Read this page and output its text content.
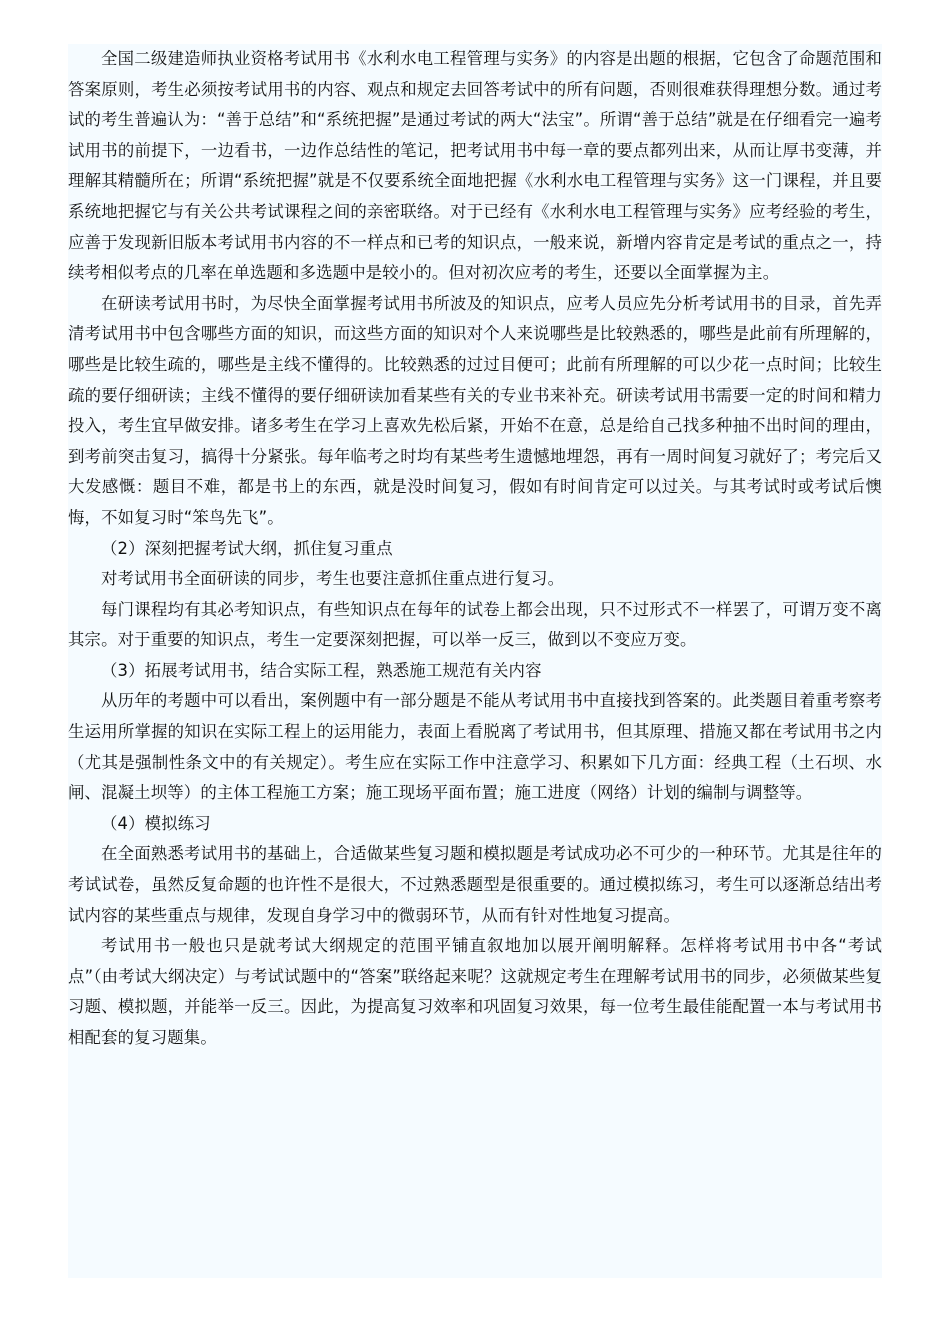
全国二级建造师执业资格考试用书《水利水电工程管理与实务》的内容是出题的根据，它包含了命题范围和答案原则，考生必须按考试用书的内容、观点和规定去回答考试中的所有问题，否则很难获得理想分数。通过考试的考生普遍认为：“善于总结”和“系统把握”是通过考试的两大“法宝”。所谓“善于总结”就是在仔细看完一遍考试用书的前提下，一边看书，一边作总结性的笔记，把考试用书中每一章的要点都列出来，从而让厚书变薄，并理解其精髓所在；所谓“系统把握”就是不仅要系统全面地把握《水利水电工程管理与实务》这一门课程，并且要系统地把握它与有关公共考试课程之间的亲密联络。对于已经有《水利水电工程管理与实务》应考经验的考生，应善于发现新旧版本考试用书内容的不一样点和已考的知识点，一般来说，新增内容肯定是考试的重点之一，持续考相似考点的几率在单选题和多选题中是较小的。但对初次应考的考生，还要以全面掌握为主。

在研读考试用书时，为尽快全面掌握考试用书所波及的知识点，应考人员应先分析考试用书的目录，首先弄清考试用书中包含哪些方面的知识，而这些方面的知识对个人来说哪些是比较熟悉的，哪些是此前有所理解的，哪些是比较生疏的，哪些是主线不懂得的。比较熟悉的过过目便可；此前有所理解的可以少花一点时间；比较生疏的要仔细研读；主线不懂得的要仔细研读加看某些有关的专业书来补充。研读考试用书需要一定的时间和精力投入，考生宜早做安排。诸多考生在学习上喜欢先松后紧，开始不在意，总是给自己找多种抽不出时间的理由，到考前突击复习，搞得十分紧张。每年临考之时均有某些考生遗憾地埋怨，再有一周时间复习就好了；考完后又大发感慨：题目不难，都是书上的东西，就是没时间复习，假如有时间肯定可以过关。与其考试时或考试后懊悔，不如复习时“笨鸟先飞”。

（2）深刻把握考试大纲，抓住复习重点

对考试用书全面研读的同步，考生也要注意抓住重点进行复习。

每门课程均有其必考知识点，有些知识点在每年的试卷上都会出现，只不过形式不一样罢了，可谓万变不离其宗。对于重要的知识点，考生一定要深刻把握，可以举一反三，做到以不变应万变。

（3）拓展考试用书，结合实际工程，熟悉施工规范有关内容

从历年的考题中可以看出，案例题中有一部分题是不能从考试用书中直接找到答案的。此类题目着重考察考生运用所掌握的知识在实际工程上的运用能力，表面上看脱离了考试用书，但其原理、措施又都在考试用书之内（尤其是强制性条文中的有关规定）。考生应在实际工作中注意学习、积累如下几方面：经典工程（土石坝、水闸、混凝土坝等）的主体工程施工方案；施工现场平面布置；施工进度（网络）计划的编制与调整等。

（4）模拟练习

在全面熟悉考试用书的基础上，合适做某些复习题和模拟题是考试成功必不可少的一种环节。尤其是往年的考试试卷，虽然反复命题的也许性不是很大，不过熟悉题型是很重要的。通过模拟练习，考生可以逐渐总结出考试内容的某些重点与规律，发现自身学习中的微弱环节，从而有针对性地复习提高。

考试用书一般也只是就考试大纲规定的范围平铺直叙地加以展开阐明解释。怎样将考试用书中各“考试点”（由考试大纲决定）与考试试题中的“答案”联络起来呢？这就规定考生在理解考试用书的同步，必须做某些复习题、模拟题，并能举一反三。因此，为提高复习效率和巩固复习效果，每一位考生最佳能配置一本与考试用书相配套的复习题集。
